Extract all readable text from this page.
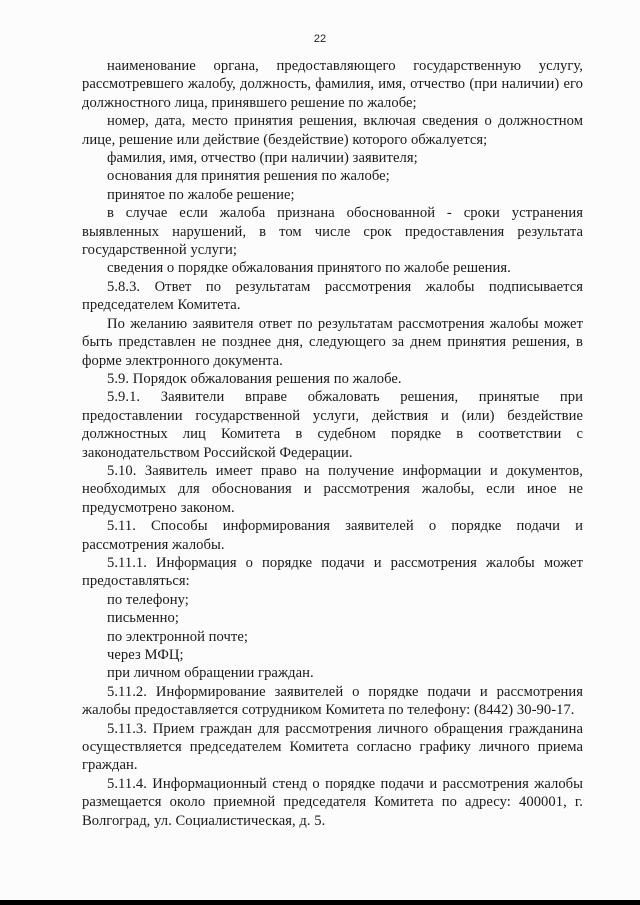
22

наименование органа, предоставляющего государственную услугу, рассмотревшего жалобу, должность, фамилия, имя, отчество (при наличии) его должностного лица, принявшего решение по жалобе;

номер, дата, место принятия решения, включая сведения о должностном лице, решение или действие (бездействие) которого обжалуется;

фамилия, имя, отчество (при наличии) заявителя;

основания для принятия решения по жалобе;

принятое по жалобе решение;

в случае если жалоба признана обоснованной - сроки устранения выявленных нарушений, в том числе срок предоставления результата государственной услуги;

сведения о порядке обжалования принятого по жалобе решения.

5.8.3. Ответ по результатам рассмотрения жалобы подписывается председателем Комитета.

По желанию заявителя ответ по результатам рассмотрения жалобы может быть представлен не позднее дня, следующего за днем принятия решения, в форме электронного документа.

5.9. Порядок обжалования решения по жалобе.

5.9.1. Заявители вправе обжаловать решения, принятые при предоставлении государственной услуги, действия и (или) бездействие должностных лиц Комитета в судебном порядке в соответствии с законодательством Российской Федерации.

5.10. Заявитель имеет право на получение информации и документов, необходимых для обоснования и рассмотрения жалобы, если иное не предусмотрено законом.

5.11. Способы информирования заявителей о порядке подачи и рассмотрения жалобы.

5.11.1. Информация о порядке подачи и рассмотрения жалобы может предоставляться:

по телефону;

письменно;

по электронной почте;

через МФЦ;

при личном обращении граждан.

5.11.2. Информирование заявителей о порядке подачи и рассмотрения жалобы предоставляется сотрудником Комитета по телефону: (8442) 30-90-17.

5.11.3. Прием граждан для рассмотрения личного обращения гражданина осуществляется председателем Комитета согласно графику личного приема граждан.

5.11.4. Информационный стенд о порядке подачи и рассмотрения жалобы размещается около приемной председателя Комитета по адресу: 400001, г. Волгоград, ул. Социалистическая, д. 5.
